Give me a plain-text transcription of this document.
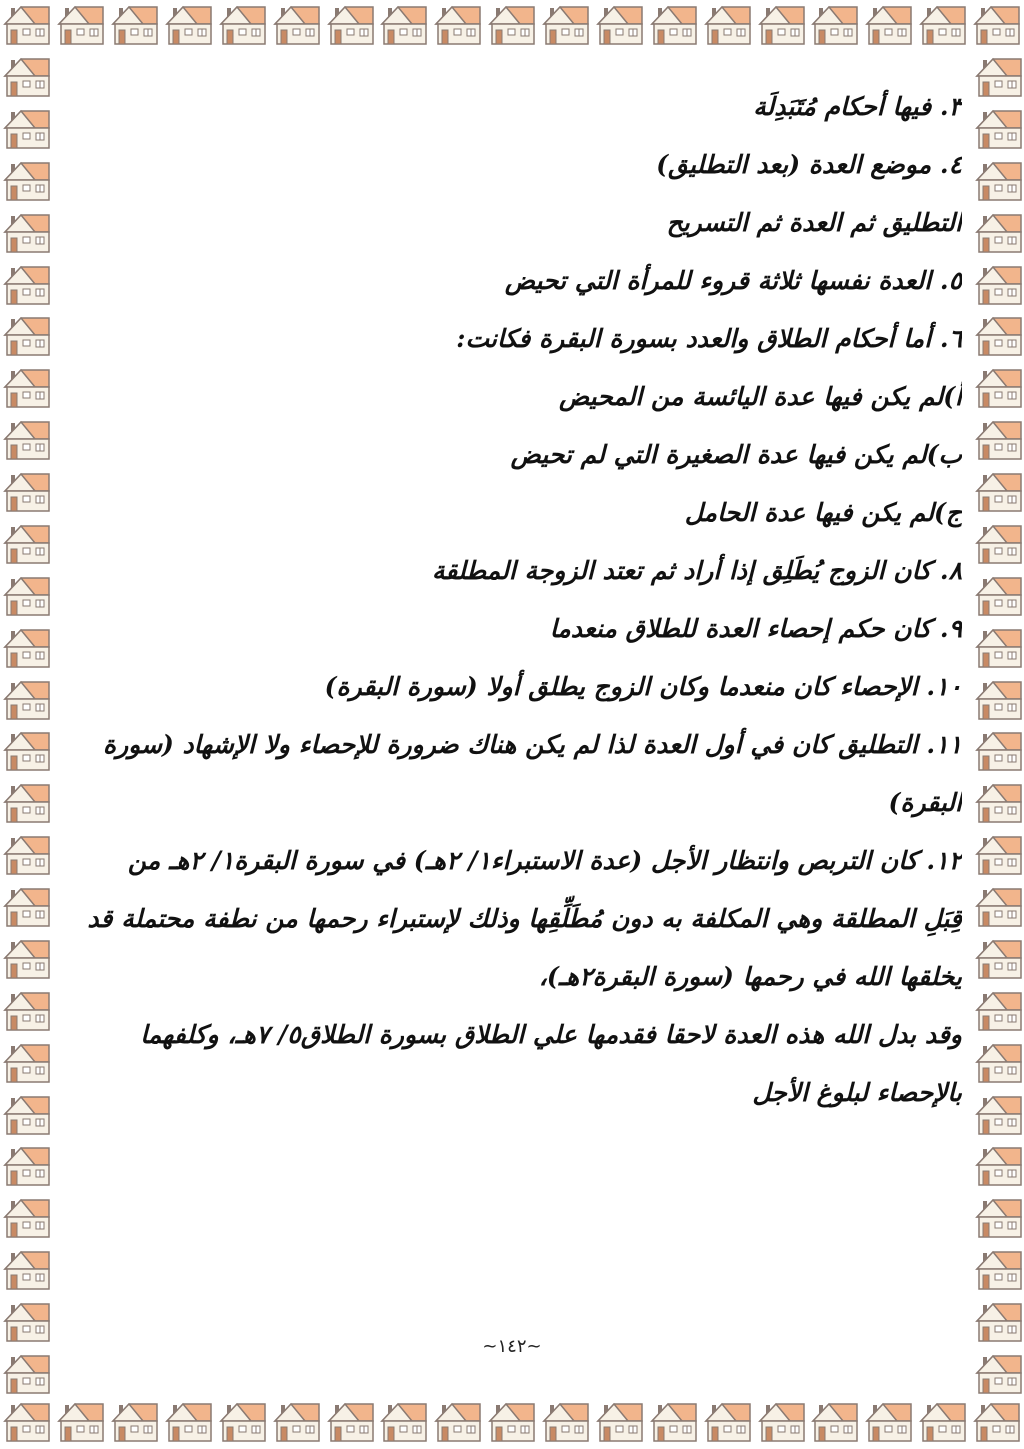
٣. فيها أحكام مُتَبَدِلَة
٤. موضع العدة (بعد التطليق)
التطليق ثم العدة ثم التسريح
٥. العدة نفسها ثلاثة قروء للمرأة التي تحيض
٦. أما أحكام الطلاق والعدد بسورة البقرة فكانت:
أ)لم يكن فيها عدة اليائسة من المحيض
ب)لم يكن فيها عدة الصغيرة التي لم تحيض
ج)لم يكن فيها عدة الحامل
٨. كان الزوج يُطَلِق إذا أراد ثم تعتد الزوجة المطلقة
٩. كان حكم إحصاء العدة للطلاق منعدما
١٠. الإحصاء كان منعدما وكان الزوج يطلق أولا (سورة البقرة)
١١. التطليق كان في أول العدة لذا لم يكن هناك ضرورة للإحصاء ولا الإشهاد (سورة
البقرة)
١٢. كان التربص وانتظار الأجل (عدة الاستبراء١/ ٢هـ) في سورة البقرة١/ ٢هـ من
قِبَلِ المطلقة وهي المكلفة به دون مُطَلِّقِها وذلك لإستبراء رحمها من نطفة محتملة قد
يخلقها الله في رحمها (سورة البقرة٢هـ)،
وقد بدل الله هذه العدة لاحقا فقدمها علي الطلاق بسورة الطلاق٥/ ٧هـ، وكلفهما
بالإحصاء لبلوغ الأجل
~١٤٢~
